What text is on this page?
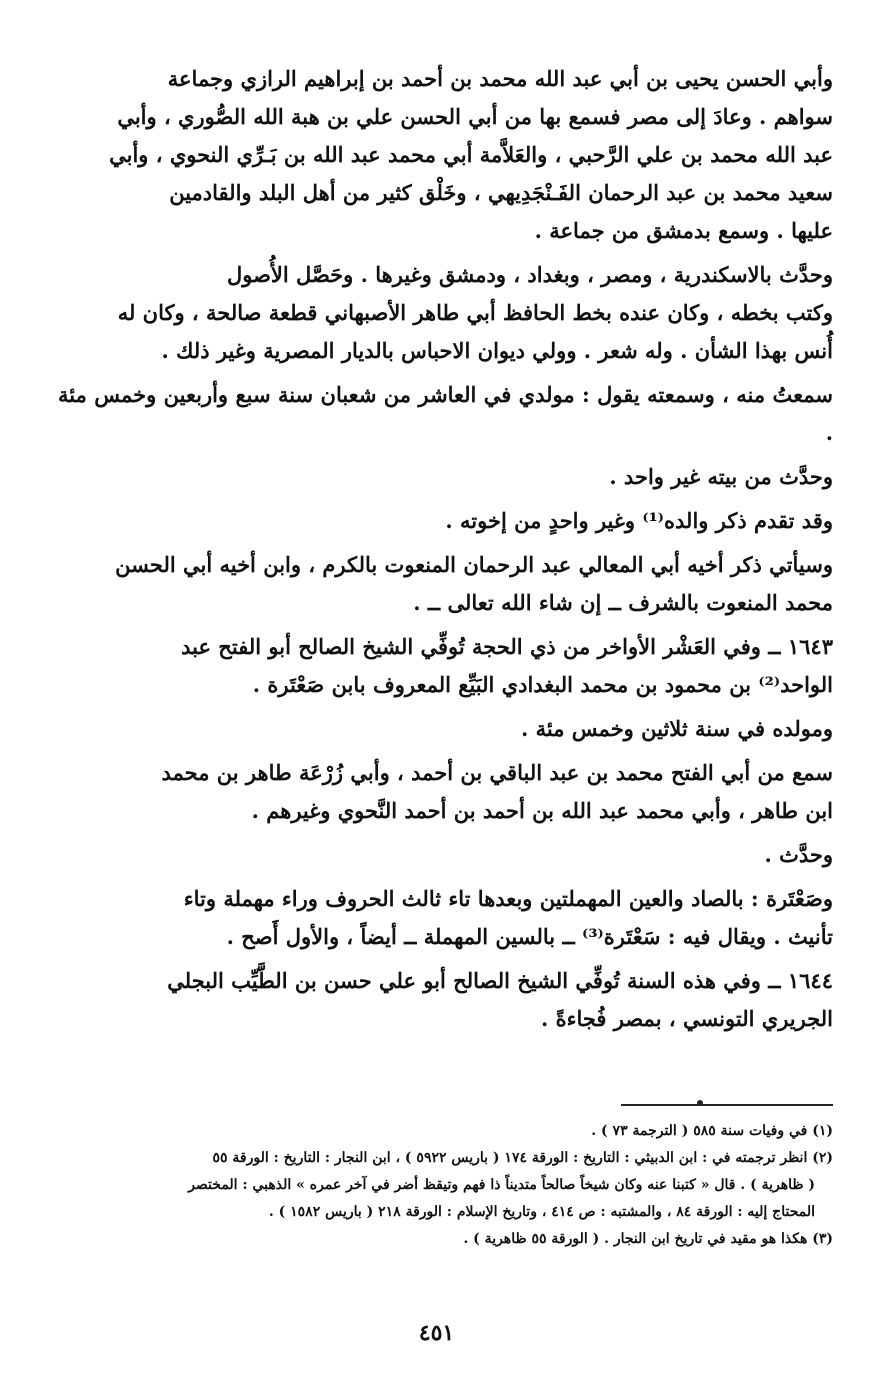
وأبي الحسن يحيى بن أبي عبد الله محمد بن أحمد بن إبراهيم الرازي وجماعة
سواهم . وعادَ إلى مصر فسمع بها من أبي الحسن علي بن هبة الله الصُّوري ، وأبي
عبد الله محمد بن علي الرَّحبي ، والعَلاَّمة أبي محمد عبد الله بن بَـرِّي النحوي ، وأبي
سعيد محمد بن عبد الرحمان الفَـنْجَدِيهي ، وخَلْق كثير من أهل البلد والقادمين
عليها . وسمع بدمشق من جماعة .
وحدَّث بالاسكندرية ، ومصر ، وبغداد ، ودمشق وغيرها . وحَصَّل الأُصول
وكتب بخطه ، وكان عنده بخط الحافظ أبي طاهر الأصبهاني قطعة صالحة ، وكان له
أُنس بهذا الشأن . وله شعر . وولي ديوان الاحباس بالديار المصرية وغير ذلك .
سمعتُ منه ، وسمعته يقول : مولدي في العاشر من شعبان سنة سبع وأربعين وخمس مئة .
وحدَّث من بيته غير واحد .
وقد تقدم ذكر والده⁽¹⁾ وغير واحدٍ من إخوته .
وسيأتي ذكر أخيه أبي المعالي عبد الرحمان المنعوت بالكرم ، وابن أخيه أبي الحسن
محمد المنعوت بالشرف ــ إن شاء الله تعالى ــ .
١٦٤٣ ــ وفي العَشْر الأواخر من ذي الحجة تُوفِّي الشيخ الصالح أبو الفتح عبد
الواحد⁽²⁾ بن محمود بن محمد البغدادي البَيِّع المعروف بابن صَعْتَرة .
ومولده في سنة ثلاثين وخمس مئة .
سمع من أبي الفتح محمد بن عبد الباقي بن أحمد ، وأبي زُرْعَة طاهر بن محمد
ابن طاهر ، وأبي محمد عبد الله بن أحمد بن أحمد النَّحوي وغيرهم .
وحدَّث .
وصَعْتَرة : بالصاد والعين المهملتين وبعدها تاء ثالث الحروف وراء مهملة وتاء
تأنيث . ويقال فيه : سَعْتَرة⁽³⁾ ــ بالسين المهملة ــ أيضاً ، والأول أَصح .
١٦٤٤ ــ وفي هذه السنة تُوفِّي الشيخ الصالح أبو علي حسن بن الطَّيِّب البجلي
الجريري التونسي ، بمصر فُجاءةً .
(١) في وفيات سنة ٥٨٥ ( الترجمة ٧٣ ) .
(٢) انظر ترجمته في : ابن الدبيثي : التاريخ : الورقة ١٧٤ ( باريس ٥٩٢٢ ) ، ابن النجار : التاريخ : الورقة ٥٥
( ظاهرية ) . قال « كتبنا عنه وكان شيخاً صالحاً متديناً ذا فهم وتيقظ أضر في آخر عمره » الذهبي : المختصر
المحتاج إليه : الورقة ٨٤ ، والمشتبه : ص ٤١٤ ، وتاريخ الإسلام : الورقة ٢١٨ ( باريس ١٥٨٢ ) .
(٣) هكذا هو مقيد في تاريخ ابن النجار . ( الورقة ٥٥ ظاهرية ) .
٤٥١
